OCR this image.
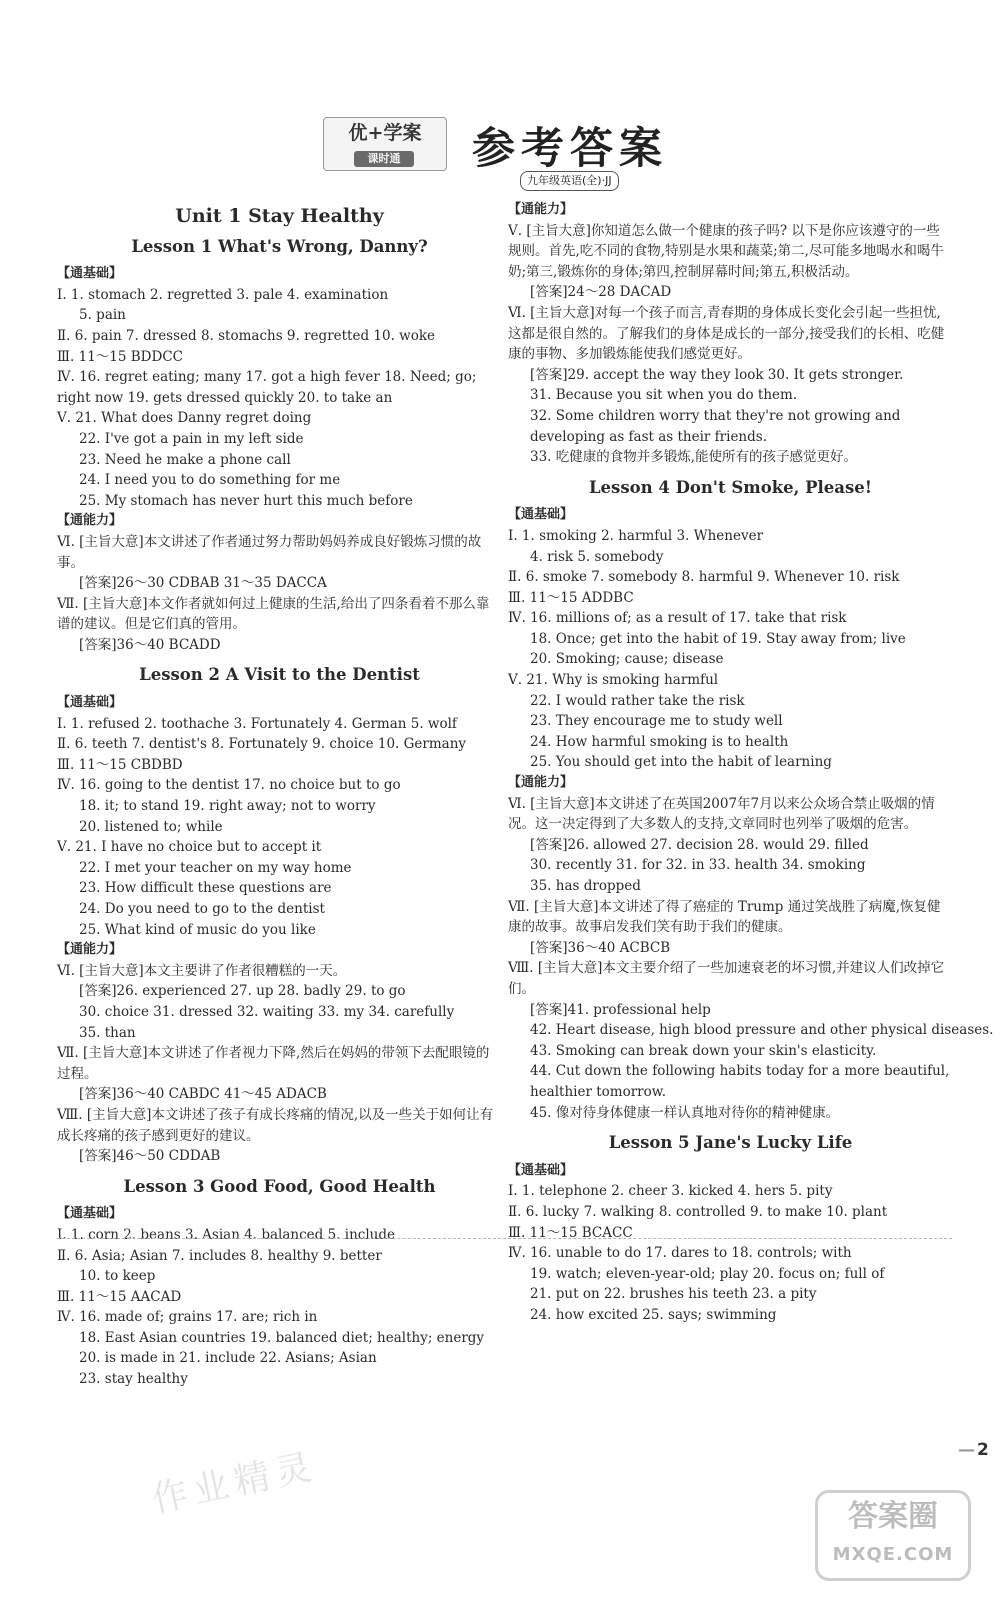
优+学案
课时通	参考答案
九年级英语(全)·JJ
Unit 1 Stay Healthy
Lesson 1 What's Wrong, Danny?
【通基础】
Ⅰ. 1. stomach 2. regretted 3. pale 4. examination
5. pain
Ⅱ. 6. pain 7. dressed 8. stomachs 9. regretted 10. woke
Ⅲ. 11～15 BDDCC
Ⅳ. 16. regret eating; many 17. got a high fever 18. Need; go;
right now 19. gets dressed quickly 20. to take an
Ⅴ. 21. What does Danny regret doing
22. I've got a pain in my left side
23. Need he make a phone call
24. I need you to do something for me
25. My stomach has never hurt this much before
【通能力】
Ⅵ. [主旨大意]本文讲述了作者通过努力帮助妈妈养成良好锻炼习惯的故事。
[答案]26～30 CDBAB 31～35 DACCA
Ⅶ. [主旨大意]本文作者就如何过上健康的生活,给出了四条看着不那么靠谱的建议。但是它们真的管用。
[答案]36～40 BCADD
Lesson 2 A Visit to the Dentist
【通基础】
Ⅰ. 1. refused 2. toothache 3. Fortunately 4. German 5. wolf
Ⅱ. 6. teeth 7. dentist's 8. Fortunately 9. choice 10. Germany
Ⅲ. 11～15 CBDBD
Ⅳ. 16. going to the dentist 17. no choice but to go
18. it; to stand 19. right away; not to worry
20. listened to; while
Ⅴ. 21. I have no choice but to accept it
22. I met your teacher on my way home
23. How difficult these questions are
24. Do you need to go to the dentist
25. What kind of music do you like
【通能力】
Ⅵ. [主旨大意]本文主要讲了作者很糟糕的一天。
[答案]26. experienced 27. up 28. badly 29. to go
30. choice 31. dressed 32. waiting 33. my 34. carefully
35. than
Ⅶ. [主旨大意]本文讲述了作者视力下降,然后在妈妈的带领下去配眼镜的过程。
[答案]36～40 CABDC 41～45 ADACB
Ⅷ. [主旨大意]本文讲述了孩子有成长疼痛的情况,以及一些关于如何让有成长疼痛的孩子感到更好的建议。
[答案]46～50 CDDAB
Lesson 3 Good Food, Good Health
【通基础】
Ⅰ. 1. corn 2. beans 3. Asian 4. balanced 5. include
Ⅱ. 6. Asia; Asian 7. includes 8. healthy 9. better
10. to keep
Ⅲ. 11～15 AACAD
Ⅳ. 16. made of; grains 17. are; rich in
18. East Asian countries 19. balanced diet; healthy; energy
20. is made in 21. include 22. Asians; Asian
23. stay healthy
【通能力】
Ⅴ. [主旨大意]你知道怎么做一个健康的孩子吗? 以下是你应该遵守的一些规则。首先,吃不同的食物,特别是水果和蔬菜;第二,尽可能多地喝水和喝牛奶;第三,锻炼你的身体;第四,控制屏幕时间;第五,积极活动。
[答案]24～28 DACAD
Ⅵ. [主旨大意]对每一个孩子而言,青春期的身体成长变化会引起一些担忧,这都是很自然的。了解我们的身体是成长的一部分,接受我们的长相、吃健康的事物、多加锻炼能使我们感觉更好。
[答案]29. accept the way they look 30. It gets stronger.
31. Because you sit when you do them.
32. Some children worry that they're not growing and developing as fast as their friends.
33. 吃健康的食物并多锻炼,能使所有的孩子感觉更好。
Lesson 4 Don't Smoke, Please!
【通基础】
Ⅰ. 1. smoking 2. harmful 3. Whenever
4. risk 5. somebody
Ⅱ. 6. smoke 7. somebody 8. harmful 9. Whenever 10. risk
Ⅲ. 11～15 ADDBC
Ⅳ. 16. millions of; as a result of 17. take that risk
18. Once; get into the habit of 19. Stay away from; live
20. Smoking; cause; disease
Ⅴ. 21. Why is smoking harmful
22. I would rather take the risk
23. They encourage me to study well
24. How harmful smoking is to health
25. You should get into the habit of learning
【通能力】
Ⅵ. [主旨大意]本文讲述了在英国2007年7月以来公众场合禁止吸烟的情况。这一决定得到了大多数人的支持,文章同时也列举了吸烟的危害。
[答案]26. allowed 27. decision 28. would 29. filled
30. recently 31. for 32. in 33. health 34. smoking
35. has dropped
Ⅶ. [主旨大意]本文讲述了得了癌症的 Trump 通过笑战胜了病魔,恢复健康的故事。故事启发我们笑有助于我们的健康。
[答案]36～40 ACBCB
Ⅷ. [主旨大意]本文主要介绍了一些加速衰老的坏习惯,并建议人们改掉它们。
[答案]41. professional help
42. Heart disease, high blood pressure and other physical diseases.
43. Smoking can break down your skin's elasticity.
44. Cut down the following habits today for a more beautiful, healthier tomorrow.
45. 像对待身体健康一样认真地对待你的精神健康。
Lesson 5 Jane's Lucky Life
【通基础】
Ⅰ. 1. telephone 2. cheer 3. kicked 4. hers 5. pity
Ⅱ. 6. lucky 7. walking 8. controlled 9. to make 10. plant
Ⅲ. 11～15 BCACC
Ⅳ. 16. unable to do 17. dares to 18. controls; with
19. watch; eleven-year-old; play 20. focus on; full of
21. put on 22. brushes his teeth 23. a pity
24. how excited 25. says; swimming
— 2
作业精灵	答案圈
MXQE.COM
